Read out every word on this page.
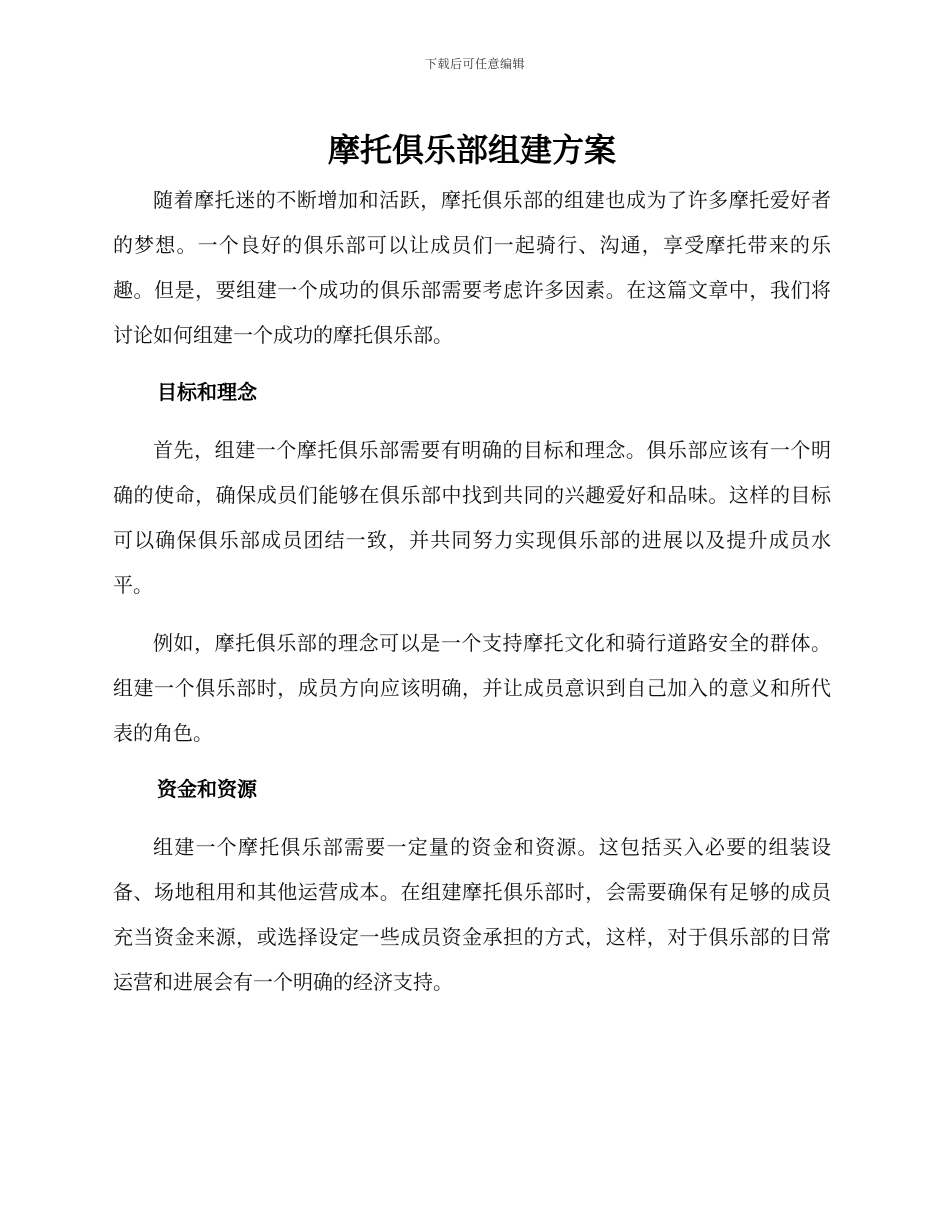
下载后可任意编辑
摩托俱乐部组建方案

随着摩托迷的不断增加和活跃，摩托俱乐部的组建也成为了许多摩托爱好者的梦想。一个良好的俱乐部可以让成员们一起骑行、沟通，享受摩托带来的乐趣。但是，要组建一个成功的俱乐部需要考虑许多因素。在这篇文章中，我们将讨论如何组建一个成功的摩托俱乐部。

目标和理念

首先，组建一个摩托俱乐部需要有明确的目标和理念。俱乐部应该有一个明确的使命，确保成员们能够在俱乐部中找到共同的兴趣爱好和品味。这样的目标可以确保俱乐部成员团结一致，并共同努力实现俱乐部的进展以及提升成员水平。

例如，摩托俱乐部的理念可以是一个支持摩托文化和骑行道路安全的群体。组建一个俱乐部时，成员方向应该明确，并让成员意识到自己加入的意义和所代表的角色。

资金和资源

组建一个摩托俱乐部需要一定量的资金和资源。这包括买入必要的组装设备、场地租用和其他运营成本。在组建摩托俱乐部时，会需要确保有足够的成员充当资金来源，或选择设定一些成员资金承担的方式，这样，对于俱乐部的日常运营和进展会有一个明确的经济支持。
